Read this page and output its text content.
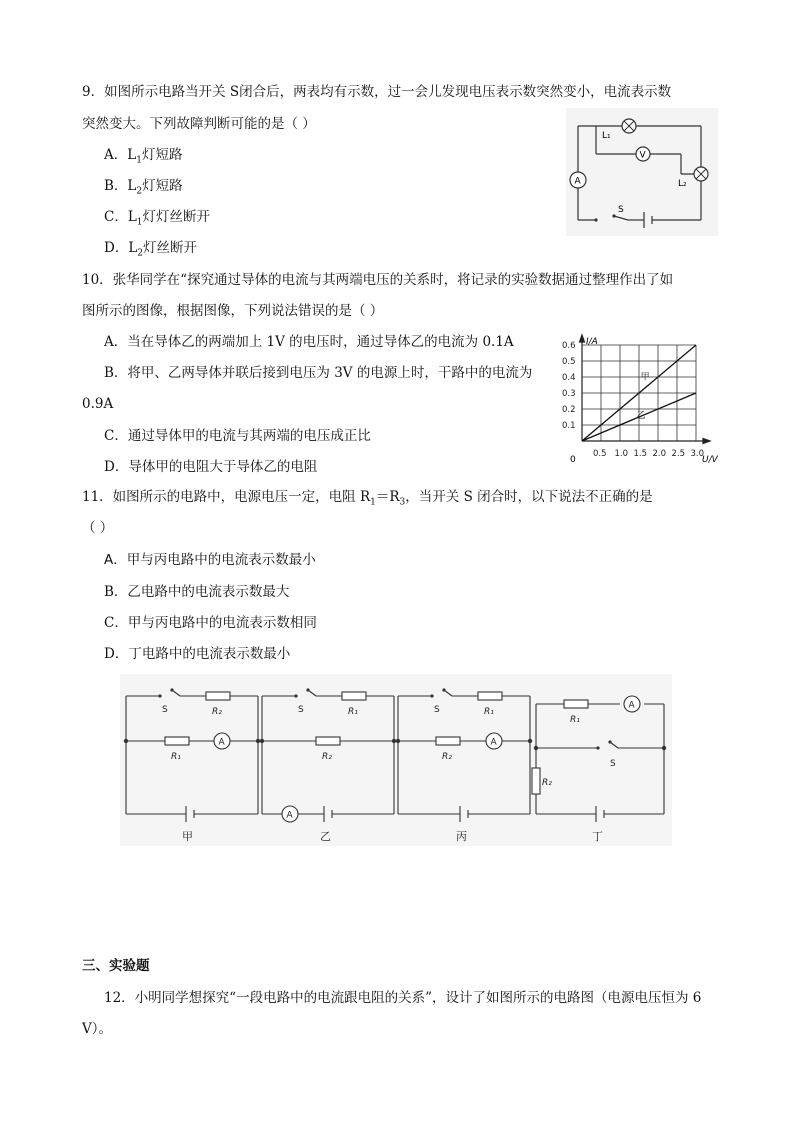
9．如图所示电路当开关 S闭合后，两表均有示数，过一会儿发现电压表示数突然变小，电流表示数
突然变大。下列故障判断可能的是（ ）
A．$L_1$灯短路
B．$L_2$灯短路
C．$L_1$灯灯丝断开
D．$L_2$灯丝断开
L₁
V
A	L₂
S
10．张华同学在“探究通过导体的电流与其两端电压的关系时，将记录的实验数据通过整理作出了如
图所示的图像，根据图像，下列说法错误的是（ ）
A．当在导体乙的两端加上 1V 的电压时，通过导体乙的电流为 0.1A
B．将甲、乙两导体并联后接到电压为 3V 的电源上时，干路中的电流为
0.9A
C．通过导体甲的电流与其两端的电压成正比
D．导体甲的电阻大于导体乙的电阻
I/A
U/V
0
0.5 1.0 1.5 2.0 2.5 3.0
0.1
0.2
0.3
0.4
0.5
0.6
甲
乙
11．如图所示的电路中，电源电压一定，电阻 $R_1=R_3$，当开关 S 闭合时，以下说法不正确的是
（ ）
A．甲与丙电路中的电流表示数最小
B．乙电路中的电流表示数最大
C．甲与丙电路中的电流表示数相同
D．丁电路中的电流表示数最小
A
A
A
A
S	R₂
R₁
甲
S	R₁
R₂
乙
S	R₁
R₂
丙
R₁
S
R₂
丁
三、实验题
12．小明同学想探究“一段电路中的电流跟电阻的关系”，设计了如图所示的电路图（电源电压恒为 6
V）。
